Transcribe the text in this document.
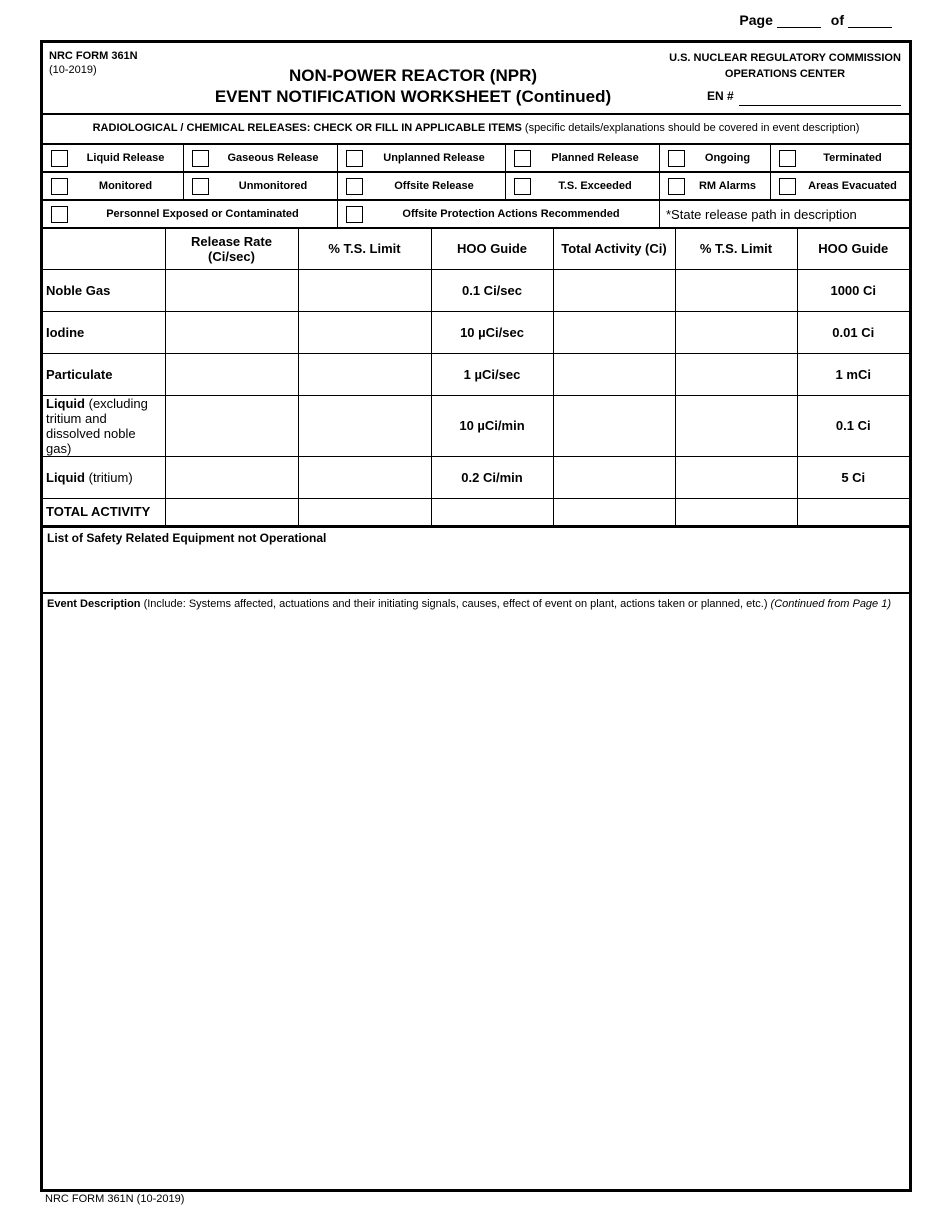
Page	of
NRC FORM 361N
(10-2019)	NON-POWER REACTOR (NPR)
EVENT NOTIFICATION WORKSHEET (Continued)
U.S. NUCLEAR REGULATORY COMMISSION
OPERATIONS CENTER
EN #
RADIOLOGICAL / CHEMICAL RELEASES: CHECK OR FILL IN APPLICABLE ITEMS (specific details/explanations should be covered in event description)
Liquid Release	Gaseous Release	Unplanned Release	Planned Release	Ongoing	Terminated
Monitored	Unmonitored	Offsite Release	T.S. Exceeded	RM Alarms	Areas Evacuated
Personnel Exposed or Contaminated	Offsite Protection Actions Recommended	*State release path in description
	Release Rate (Ci/sec)	% T.S. Limit	HOO Guide	Total Activity (Ci)	% T.S. Limit	HOO Guide
Noble Gas			0.1 Ci/sec			1000 Ci
Iodine			10 µCi/sec			0.01 Ci
Particulate			1 µCi/sec			1 mCi
Liquid (excluding tritium and dissolved noble gas)			10 µCi/min			0.1 Ci
Liquid (tritium)			0.2 Ci/min			5 Ci
TOTAL ACTIVITY						
List of Safety Related Equipment not Operational
Event Description (Include: Systems affected, actuations and their initiating signals, causes, effect of event on plant, actions taken or planned, etc.) (Continued from Page 1)
NRC FORM 361N (10-2019)
